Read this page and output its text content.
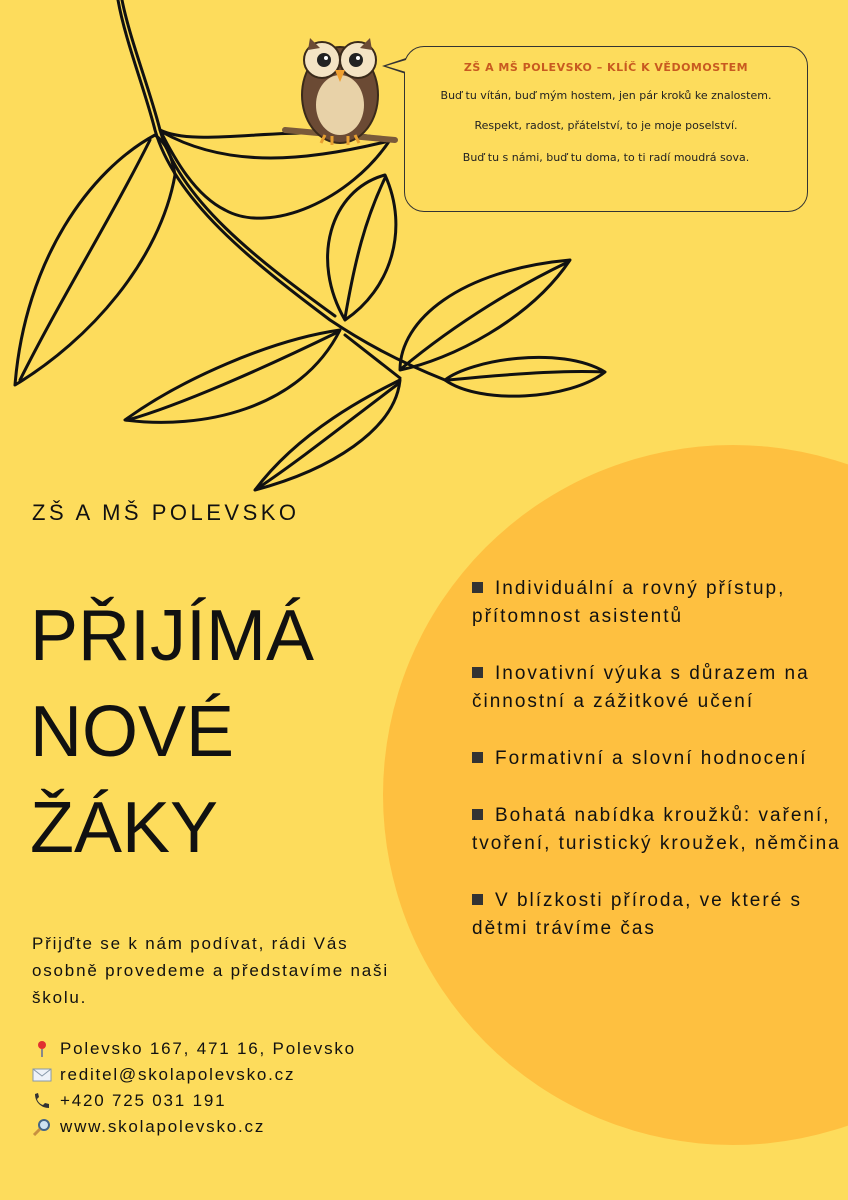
ZŠ A MŠ POLEVSKO – KLÍČ K VĚDOMOSTEM
Buď tu vítán, buď mým hostem, jen pár kroků ke znalostem.
Respekt, radost, přátelství, to je moje poselství.
Buď tu s námi, buď tu doma, to ti radí moudrá sova.
ZŠ A MŠ POLEVSKO
PŘIJÍMÁ
NOVÉ
ŽÁKY
Přijďte se k nám podívat, rádi Vás osobně provedeme a představíme naši školu.
Polevsko 167, 471 16, Polevsko
reditel@skolapolevsko.cz
+420 725 031 191
www.skolapolevsko.cz
Individuální a rovný přístup, přítomnost asistentů
Inovativní výuka s důrazem na činnostní a zážitkové učení
Formativní a slovní hodnocení
Bohatá nabídka kroužků: vaření, tvoření, turistický kroužek, němčina
V blízkosti příroda, ve které s dětmi trávíme čas
